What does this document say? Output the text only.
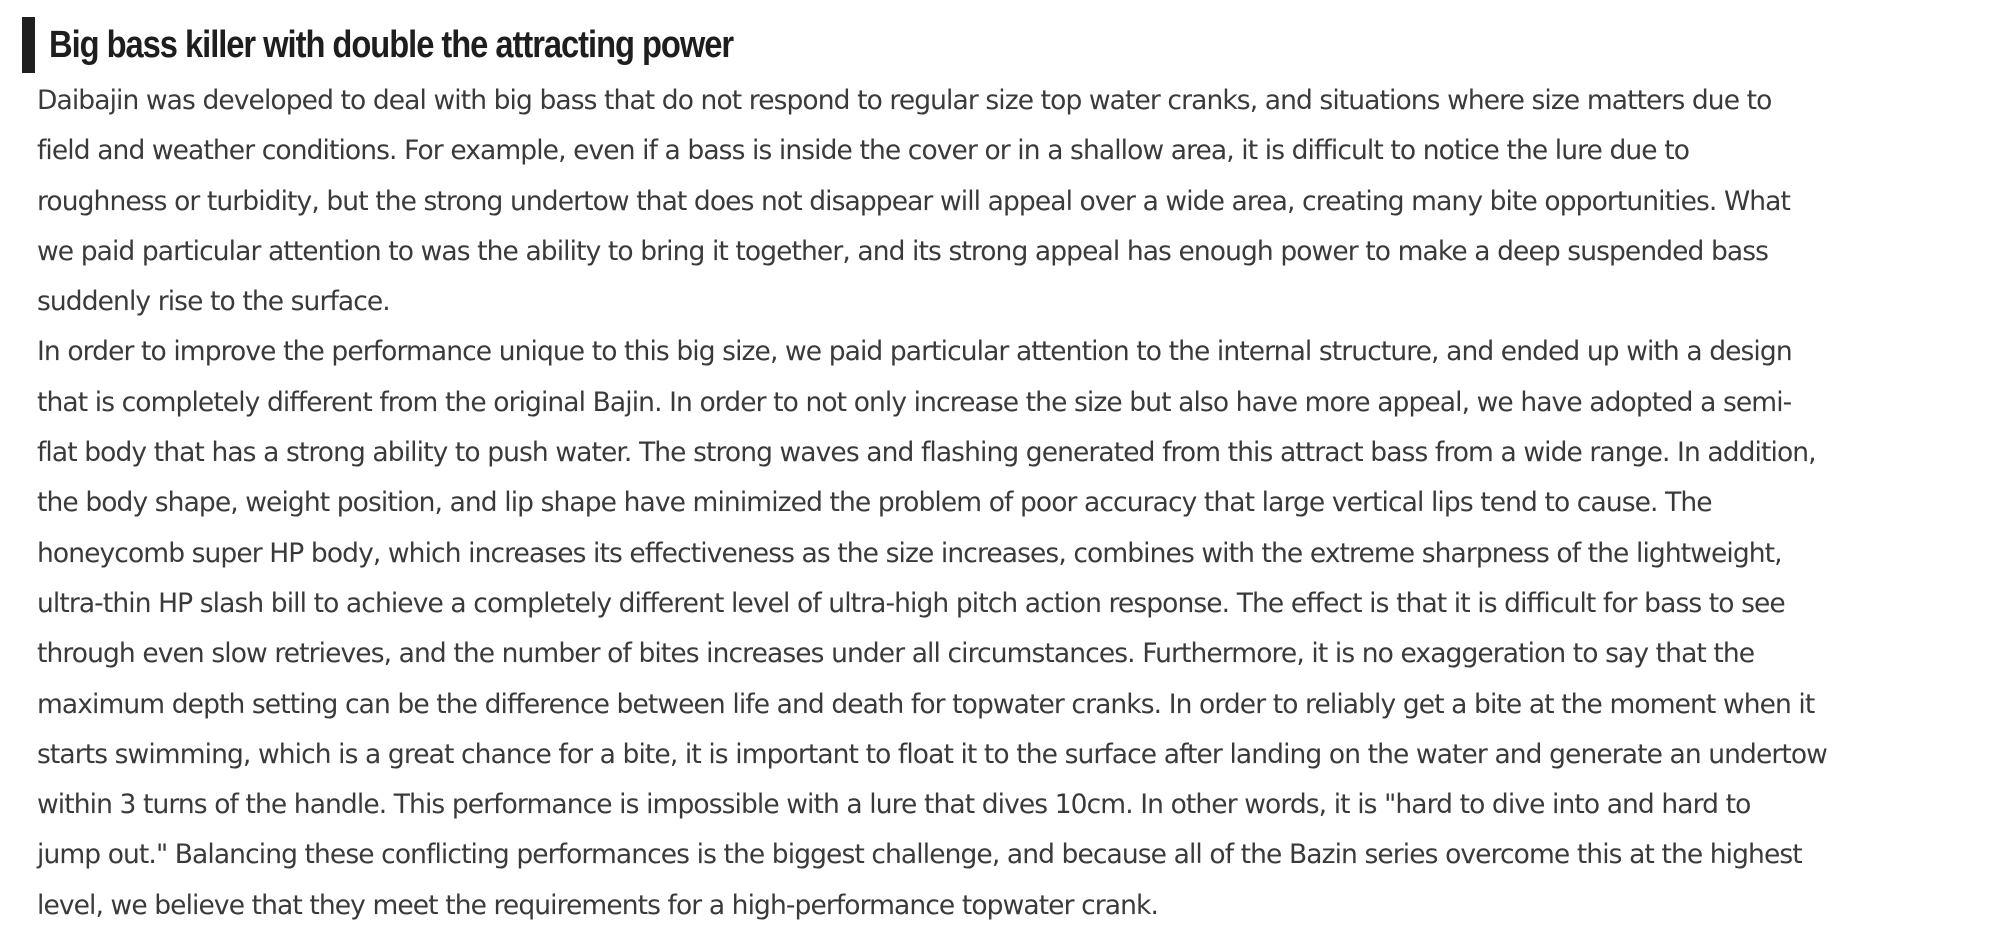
Big bass killer with double the attracting power
Daibajin was developed to deal with big bass that do not respond to regular size top water cranks, and situations where size matters due to
field and weather conditions. For example, even if a bass is inside the cover or in a shallow area, it is difficult to notice the lure due to
roughness or turbidity, but the strong undertow that does not disappear will appeal over a wide area, creating many bite opportunities. What
we paid particular attention to was the ability to bring it together, and its strong appeal has enough power to make a deep suspended bass
suddenly rise to the surface.
In order to improve the performance unique to this big size, we paid particular attention to the internal structure, and ended up with a design
that is completely different from the original Bajin. In order to not only increase the size but also have more appeal, we have adopted a semi-
flat body that has a strong ability to push water. The strong waves and flashing generated from this attract bass from a wide range. In addition,
the body shape, weight position, and lip shape have minimized the problem of poor accuracy that large vertical lips tend to cause. The
honeycomb super HP body, which increases its effectiveness as the size increases, combines with the extreme sharpness of the lightweight,
ultra-thin HP slash bill to achieve a completely different level of ultra-high pitch action response. The effect is that it is difficult for bass to see
through even slow retrieves, and the number of bites increases under all circumstances. Furthermore, it is no exaggeration to say that the
maximum depth setting can be the difference between life and death for topwater cranks. In order to reliably get a bite at the moment when it
starts swimming, which is a great chance for a bite, it is important to float it to the surface after landing on the water and generate an undertow
within 3 turns of the handle. This performance is impossible with a lure that dives 10cm. In other words, it is "hard to dive into and hard to
jump out." Balancing these conflicting performances is the biggest challenge, and because all of the Bazin series overcome this at the highest
level, we believe that they meet the requirements for a high-performance topwater crank.
